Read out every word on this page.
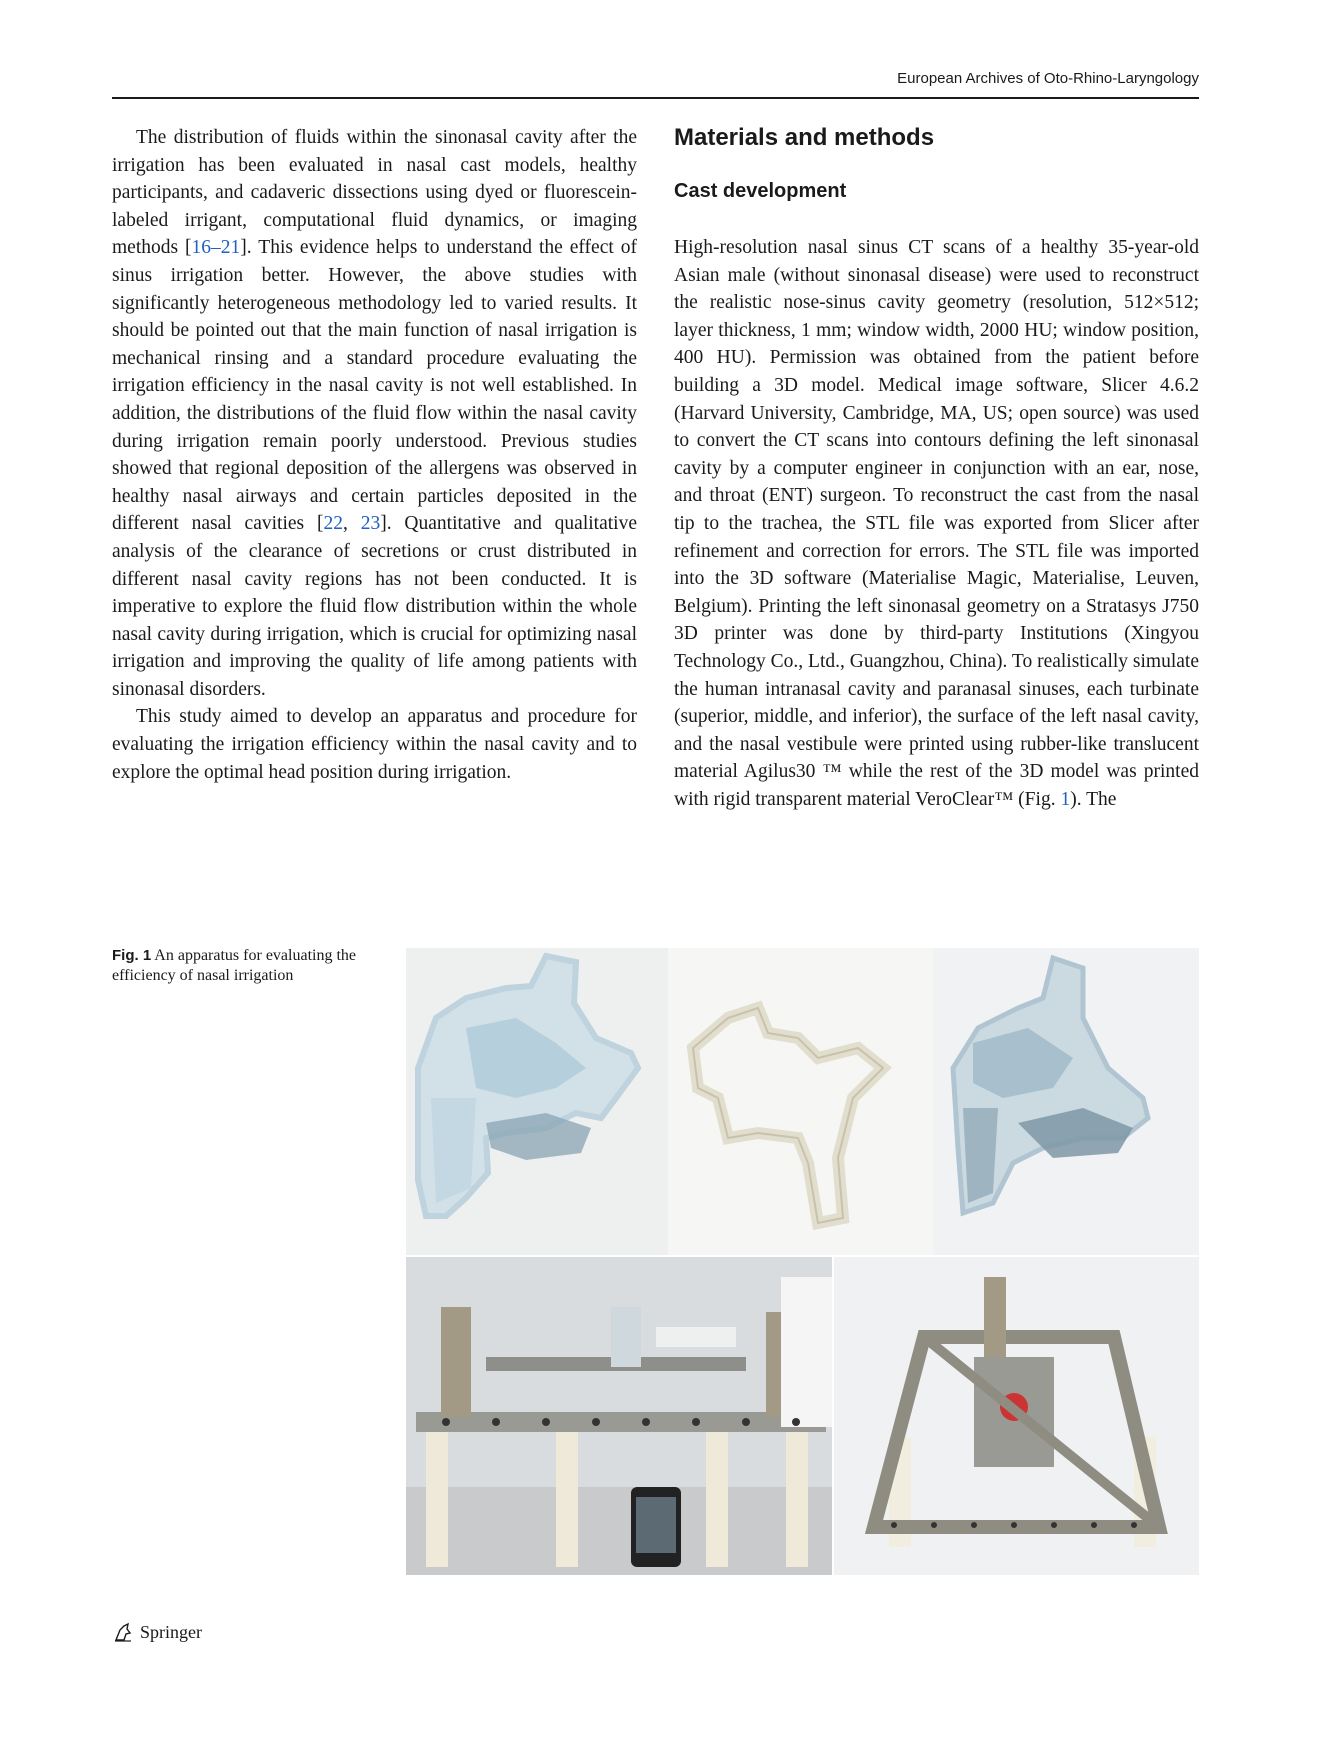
European Archives of Oto-Rhino-Laryngology

The distribution of fluids within the sinonasal cavity after the irrigation has been evaluated in nasal cast models, healthy participants, and cadaveric dissections using dyed or fluorescein-labeled irrigant, computational fluid dynamics, or imaging methods [16–21]. This evidence helps to understand the effect of sinus irrigation better. However, the above studies with significantly heterogeneous methodology led to varied results. It should be pointed out that the main function of nasal irrigation is mechanical rinsing and a standard procedure evaluating the irrigation efficiency in the nasal cavity is not well established. In addition, the distributions of the fluid flow within the nasal cavity during irrigation remain poorly understood. Previous studies showed that regional deposition of the allergens was observed in healthy nasal airways and certain particles deposited in the different nasal cavities [22, 23]. Quantitative and qualitative analysis of the clearance of secretions or crust distributed in different nasal cavity regions has not been conducted. It is imperative to explore the fluid flow distribution within the whole nasal cavity during irrigation, which is crucial for optimizing nasal irrigation and improving the quality of life among patients with sinonasal disorders.

This study aimed to develop an apparatus and procedure for evaluating the irrigation efficiency within the nasal cavity and to explore the optimal head position during irrigation.

Materials and methods
Cast development

High-resolution nasal sinus CT scans of a healthy 35-year-old Asian male (without sinonasal disease) were used to reconstruct the realistic nose-sinus cavity geometry (resolution, 512×512; layer thickness, 1 mm; window width, 2000 HU; window position, 400 HU). Permission was obtained from the patient before building a 3D model. Medical image software, Slicer 4.6.2 (Harvard University, Cambridge, MA, US; open source) was used to convert the CT scans into contours defining the left sinonasal cavity by a computer engineer in conjunction with an ear, nose, and throat (ENT) surgeon. To reconstruct the cast from the nasal tip to the trachea, the STL file was exported from Slicer after refinement and correction for errors. The STL file was imported into the 3D software (Materialise Magic, Materialise, Leuven, Belgium). Printing the left sinonasal geometry on a Stratasys J750 3D printer was done by third-party Institutions (Xingyou Technology Co., Ltd., Guangzhou, China). To realistically simulate the human intranasal cavity and paranasal sinuses, each turbinate (superior, middle, and inferior), the surface of the left nasal cavity, and the nasal vestibule were printed using rubber-like translucent material Agilus30 ™ while the rest of the 3D model was printed with rigid transparent material VeroClear™ (Fig. 1). The

Fig. 1 An apparatus for evaluating the efficiency of nasal irrigation
Springer
